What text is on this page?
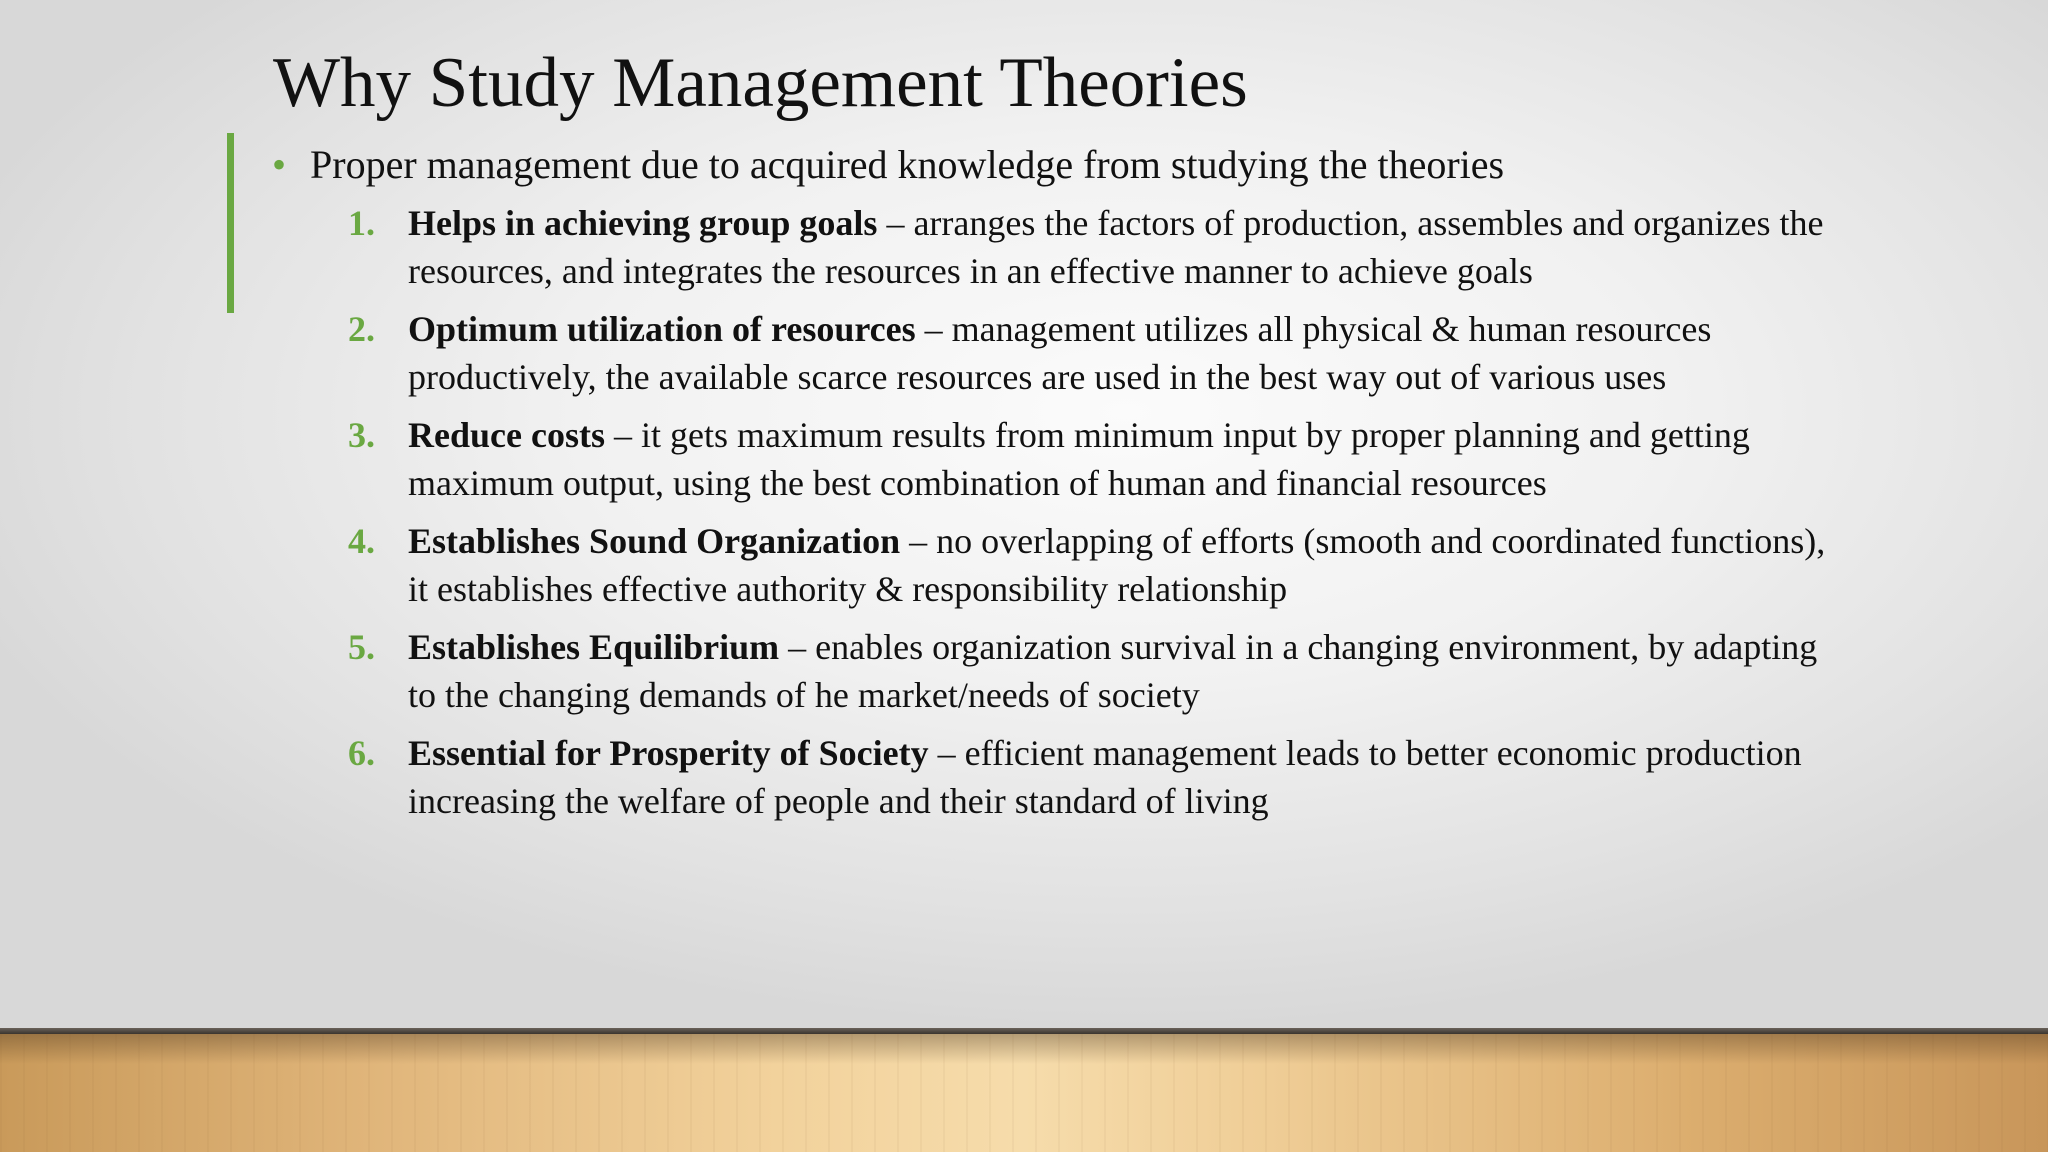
Why Study Management Theories
• Proper management due to acquired knowledge from studying the theories
1. Helps in achieving group goals – arranges the factors of production, assembles and organizes the resources, and integrates the resources in an effective manner to achieve goals
2. Optimum utilization of resources – management utilizes all physical & human resources productively, the available scarce resources are used in the best way out of various uses
3. Reduce costs – it gets maximum results from minimum input by proper planning and getting maximum output, using the best combination of human and financial resources
4. Establishes Sound Organization – no overlapping of efforts (smooth and coordinated functions), it establishes effective authority & responsibility relationship
5. Establishes Equilibrium – enables organization survival in a changing environment, by adapting to the changing demands of he market/needs of society
6. Essential for Prosperity of Society – efficient management leads to better economic production increasing the welfare of people and their standard of living
